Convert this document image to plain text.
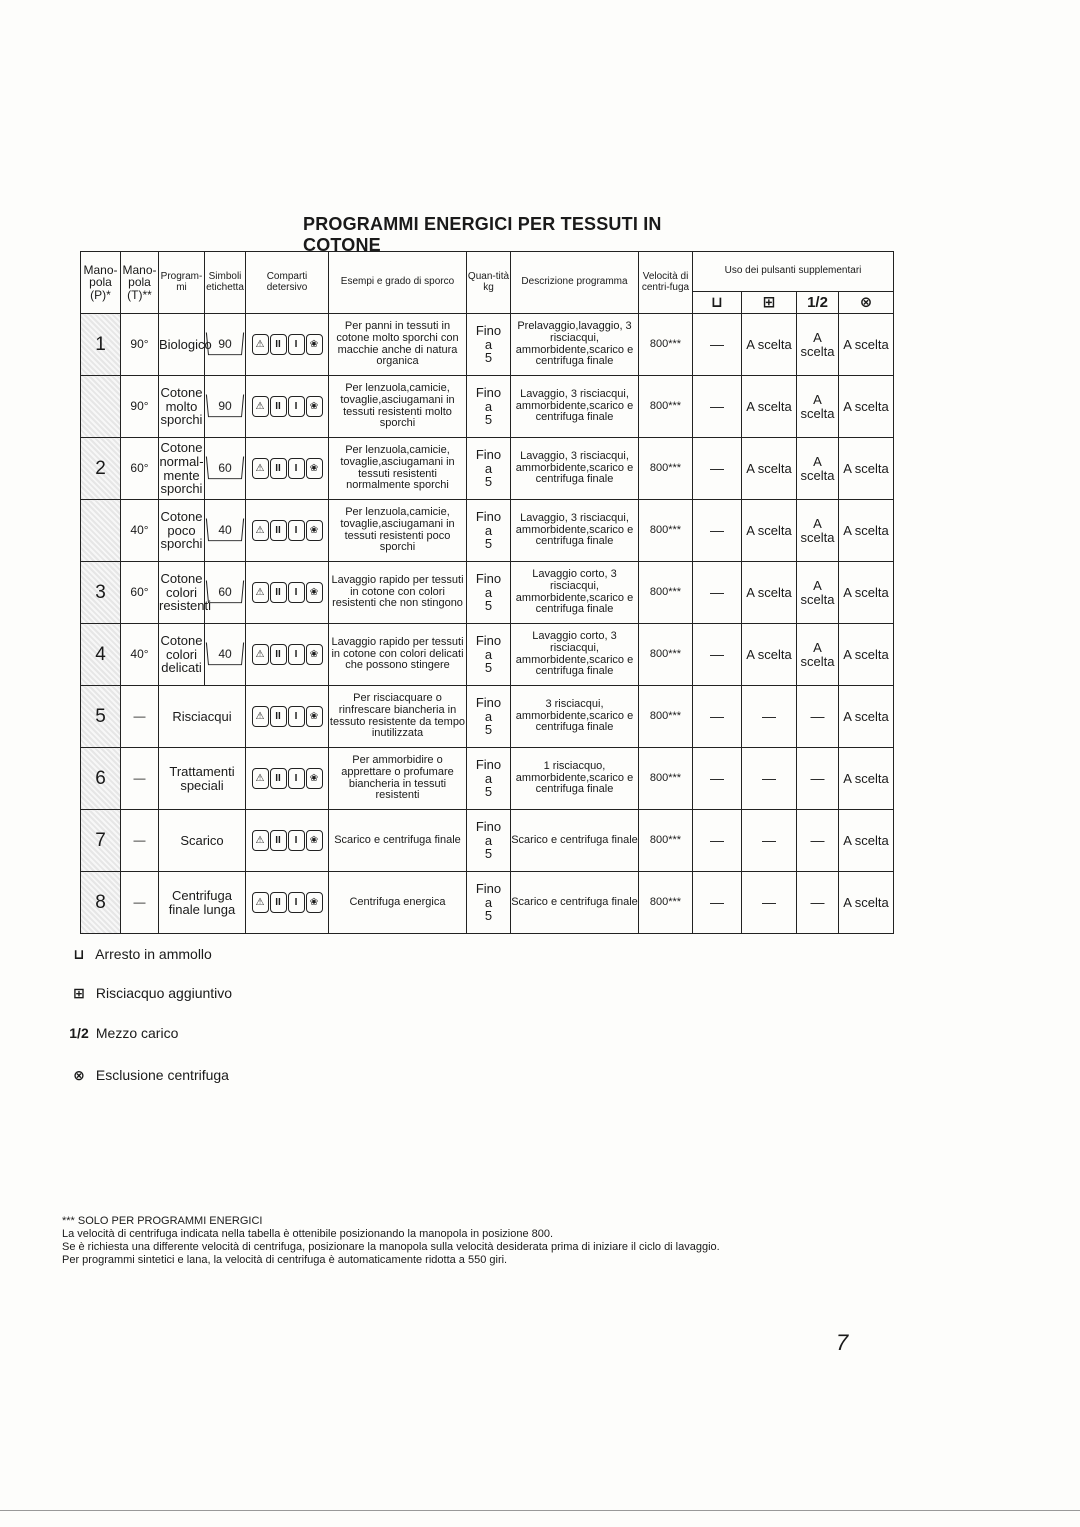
PROGRAMMI ENERGICI PER TESSUTI IN COTONE
Mano-
pola
(P)*	Mano-
pola
(T)**	Program-mi	Simboli etichetta	Comparti detersivo	Esempi e grado di sporco	Quan-tità kg	Descrizione programma	Velocità di centri-fuga	Uso dei pulsanti supplementari			
									⊔	⊞	1/2	⊗
1	90°	Biologico	90	⚠ II I ❀	Per panni in tessuti in cotone molto sporchi con macchie anche di natura organica	Fino
a
5	Prelavaggio,lavaggio, 3 risciacqui, ammorbidente,scarico e centrifuga finale	800***	—	A scelta	A scelta	A scelta
	90°	Cotone molto sporchi	90	⚠ II I ❀	Per lenzuola,camicie, tovaglie,asciugamani in tessuti resistenti molto sporchi	Fino
a
5	Lavaggio, 3 risciacqui, ammorbidente,scarico e centrifuga finale	800***	—	A scelta	A scelta	A scelta
2	60°	Cotone normal-mente sporchi	60	⚠ II I ❀	Per lenzuola,camicie, tovaglie,asciugamani in tessuti resistenti normalmente sporchi	Fino
a
5	Lavaggio, 3 risciacqui, ammorbidente,scarico e centrifuga finale	800***	—	A scelta	A scelta	A scelta
	40°	Cotone poco sporchi	40	⚠ II I ❀	Per lenzuola,camicie, tovaglie,asciugamani in tessuti resistenti poco sporchi	Fino
a
5	Lavaggio, 3 risciacqui, ammorbidente,scarico e centrifuga finale	800***	—	A scelta	A scelta	A scelta
3	60°	Cotone colori resistenti	60	⚠ II I ❀	Lavaggio rapido per tessuti in cotone con colori resistenti che non stingono	Fino
a
5	Lavaggio corto, 3 risciacqui, ammorbidente,scarico e centrifuga finale	800***	—	A scelta	A scelta	A scelta
4	40°	Cotone colori delicati	40	⚠ II I ❀	Lavaggio rapido per tessuti in cotone con colori delicati che possono stingere	Fino
a
5	Lavaggio corto, 3 risciacqui, ammorbidente,scarico e centrifuga finale	800***	—	A scelta	A scelta	A scelta
5	—	Risciacqui		⚠ II I ❀	Per risciacquare o rinfrescare biancheria in tessuto resistente da tempo inutilizzata	Fino
a
5	3 risciacqui, ammorbidente,scarico e centrifuga finale	800***	—	—	—	A scelta
6	—	Trattamenti speciali		⚠ II I ❀	Per ammorbidire o apprettare o profumare biancheria in tessuti resistenti	Fino
a
5	1 risciacquo, ammorbidente,scarico e centrifuga finale	800***	—	—	—	A scelta
7	—	Scarico		⚠ II I ❀	Scarico e centrifuga finale	Fino
a
5	Scarico e centrifuga finale	800***	—	—	—	A scelta
8	—	Centrifuga finale lunga		⚠ II I ❀	Centrifuga energica	Fino
a
5	Scarico e centrifuga finale	800***	—	—	—	A scelta
⊔ Arresto in ammollo
⊞ Risciacquo aggiuntivo
1/2 Mezzo carico
⊗ Esclusione centrifuga
*** SOLO PER PROGRAMMI ENERGICI
La velocità di centrifuga indicata nella tabella è ottenibile posizionando la manopola in posizione 800.
Se è richiesta una differente velocità di centrifuga, posizionare la manopola sulla velocità desiderata prima di iniziare il ciclo di lavaggio.
Per programmi sintetici e lana, la velocità di centrifuga è automaticamente ridotta a 550 giri.
7
